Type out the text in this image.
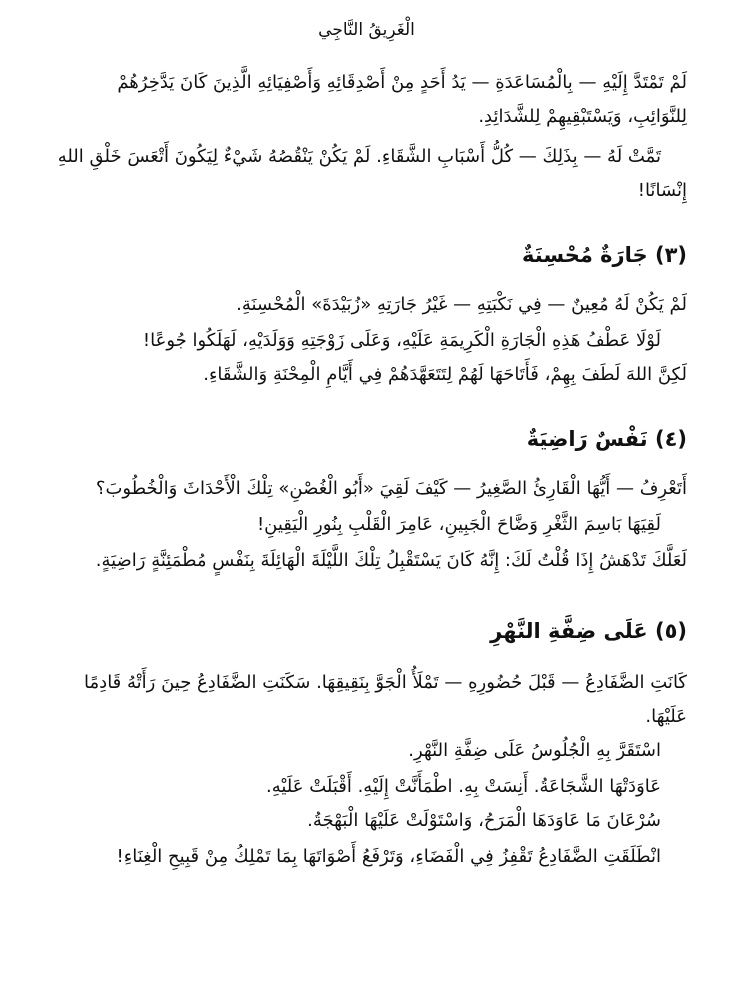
الْغَرِيقُ النَّاجِي
لَمْ تَمْتَدَّ إِلَيْهِ — بِالْمُسَاعَدَةِ — يَدُ أَحَدٍ مِنْ أَصْدِقَائِهِ وَأَصْفِيَائِهِ الَّذِينَ كَانَ يَدَّخِرُهُمْ
لِلنَّوَائِبِ، وَيَسْتَبْقِيهِمْ لِلشَّدَائِدِ.
تَمَّتْ لَهُ — بِذَلِكَ — كُلُّ أَسْبَابِ الشَّقَاءِ. لَمْ يَكُنْ يَنْقُصُهُ شَيْءٌ لِيَكُونَ أَتْعَسَ خَلْقِ اللهِ
إِنْسَانًا!
(٣) جَارَةٌ مُحْسِنَةٌ
لَمْ يَكُنْ لَهُ مُعِينٌ — فِي نَكْبَتِهِ — غَيْرُ جَارَتِهِ «زُبَيْدَةَ» الْمُحْسِنَةِ.
لَوْلَا عَطْفُ هَذِهِ الْجَارَةِ الْكَرِيمَةِ عَلَيْهِ، وَعَلَى زَوْجَتِهِ وَوَلَدَيْهِ، لَهَلَكُوا جُوعًا!
لَكِنَّ اللهَ لَطَفَ بِهِمْ، فَأَتَاحَهَا لَهُمْ لِتَتَعَهَّدَهُمْ فِي أَيَّامِ الْمِحْنَةِ وَالشَّقَاءِ.
(٤) نَفْسٌ رَاضِيَةٌ
أَتَعْرِفُ — أَيُّهَا الْقَارِئُ الصَّغِيرُ — كَيْفَ لَقِيَ «أَبُو الْغُصْنِ» تِلْكَ الْأَحْدَاثَ وَالْخُطُوبَ؟
لَقِيَهَا بَاسِمَ الثَّغْرِ وَضَّاحَ الْجَبِينِ، عَامِرَ الْقَلْبِ بِنُورِ الْيَقِينِ!
لَعَلَّكَ تَدْهَشُ إِذَا قُلْتُ لَكَ: إِنَّهُ كَانَ يَسْتَقْبِلُ تِلْكَ اللَّيْلَةَ الْهَائِلَةَ بِنَفْسٍ مُطْمَئِنَّةٍ رَاضِيَةٍ.
(٥) عَلَى ضِفَّةِ النَّهْرِ
كَانَتِ الضَّفَادِعُ — قَبْلَ حُضُورِهِ — تَمْلَأُ الْجَوَّ بِنَقِيقِهَا. سَكَنَتِ الضَّفَادِعُ حِينَ رَأَتْهُ قَادِمًا
عَلَيْهَا.
اسْتَقَرَّ بِهِ الْجُلُوسُ عَلَى ضِفَّةِ النَّهْرِ.
عَاوَدَتْهَا الشَّجَاعَةُ. أَنِسَتْ بِهِ. اطْمَأَنَّتْ إِلَيْهِ. أَقْبَلَتْ عَلَيْهِ.
سُرْعَانَ مَا عَاوَدَهَا الْمَرَحُ، وَاسْتَوْلَتْ عَلَيْهَا الْبَهْجَةُ.
انْطَلَقَتِ الضَّفَادِعُ تَقْفِزُ فِي الْفَضَاءِ، وَتَرْفَعُ أَصْوَاتَهَا بِمَا تَمْلِكُ مِنْ قَبِيحِ الْغِنَاءِ!
